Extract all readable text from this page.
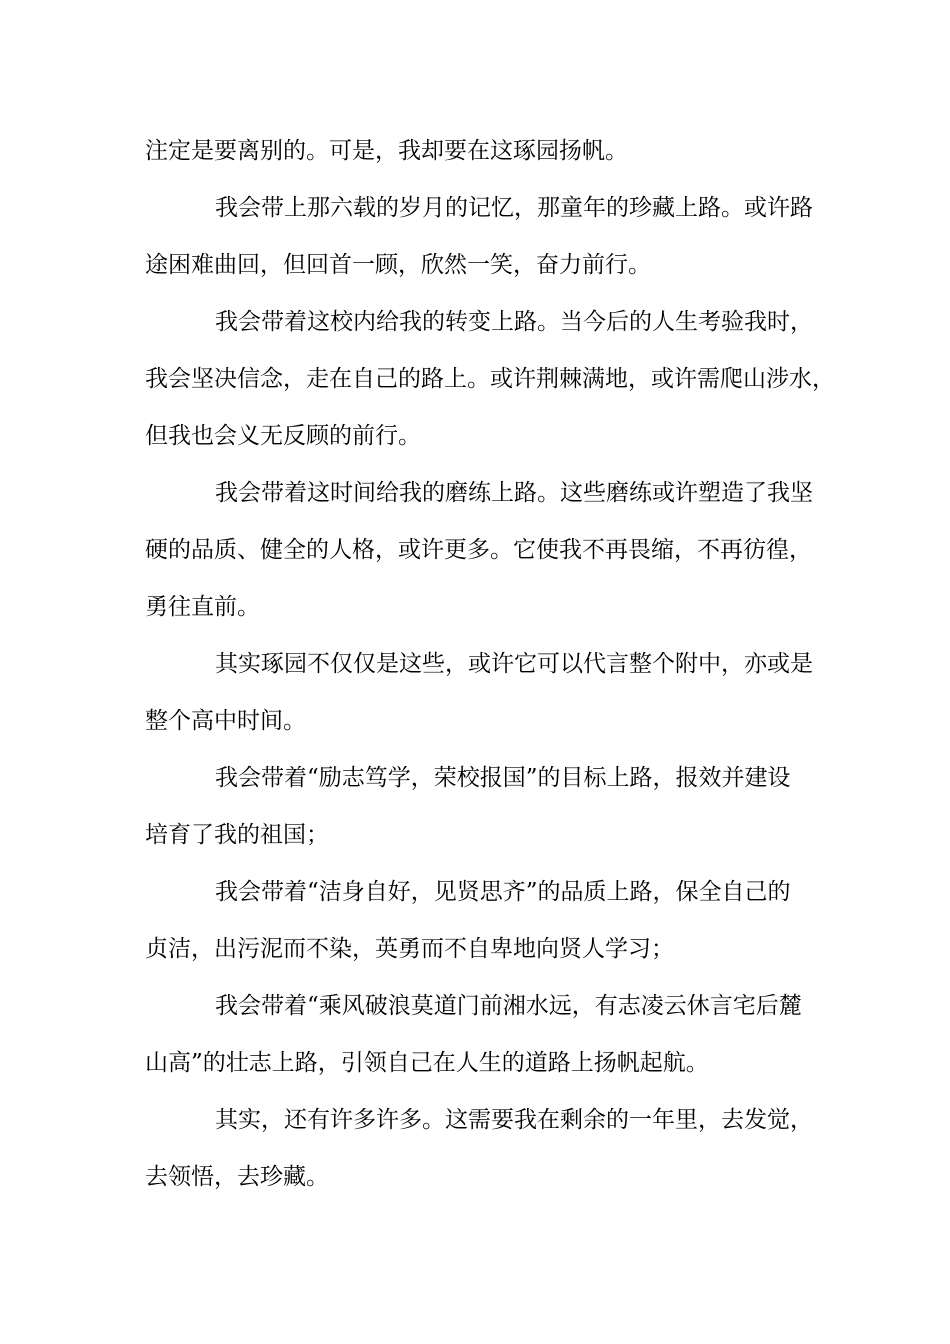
注定是要离别的。可是，我却要在这琢园扬帆。
我会带上那六载的岁月的记忆，那童年的珍藏上路。或许路
途困难曲回，但回首一顾，欣然一笑，奋力前行。
我会带着这校内给我的转变上路。当今后的人生考验我时，
我会坚决信念，走在自己的路上。或许荆棘满地，或许需爬山涉水，
但我也会义无反顾的前行。
我会带着这时间给我的磨练上路。这些磨练或许塑造了我坚
硬的品质、健全的人格，或许更多。它使我不再畏缩，不再彷徨，
勇往直前。
其实琢园不仅仅是这些，或许它可以代言整个附中，亦或是
整个高中时间。
我会带着“励志笃学，荣校报国”的目标上路，报效并建设
培育了我的祖国；
我会带着“洁身自好，见贤思齐”的品质上路，保全自己的
贞洁，出污泥而不染，英勇而不自卑地向贤人学习；
我会带着“乘风破浪莫道门前湘水远，有志凌云休言宅后麓
山高”的壮志上路，引领自己在人生的道路上扬帆起航。
其实，还有许多许多。这需要我在剩余的一年里，去发觉，
去领悟，去珍藏。
